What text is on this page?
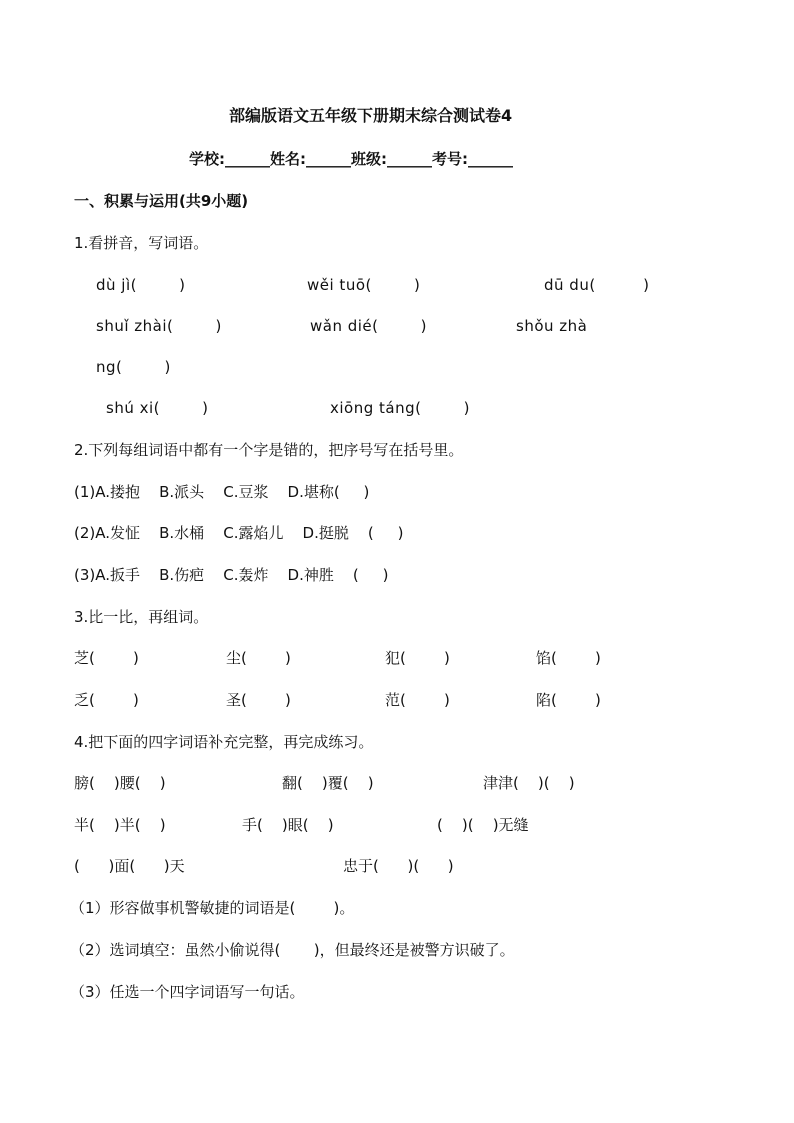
部编版语文五年级下册期末综合测试卷4
学校:______姓名:______班级:______考号:______
一、积累与运用(共9小题)
1.看拼音，写词语。
dù jì(        )	wěi tuō(        )	dū du(         )
shuǐ zhài(        )	wǎn dié(        )	shǒu zhà
ng(        )
shú xi(        )	xiōng táng(        )
2.下列每组词语中都有一个字是错的，把序号写在括号里。
(1)A.搂抱    B.派头    C.豆浆    D.堪称(     )
(2)A.发怔    B.水桶    C.露焰儿    D.挺脱    (     )
(3)A.扳手    B.伤疤    C.轰炸    D.神胜    (     )
3.比一比，再组词。
芝(        )	尘(        )	犯(        )	馅(        )
乏(        )	圣(        )	范(        )	陷(        )
4.把下面的四字词语补充完整，再完成练习。
膀(    )腰(    )	翻(    )覆(    )	津津(    )(    )
半(    )半(    )	手(    )眼(    )	(    )(    )无缝
(      )面(      )天	忠于(      )(      )
（1）形容做事机警敏捷的词语是(        )。
（2）选词填空：虽然小偷说得(       )，但最终还是被警方识破了。
（3）任选一个四字词语写一句话。
